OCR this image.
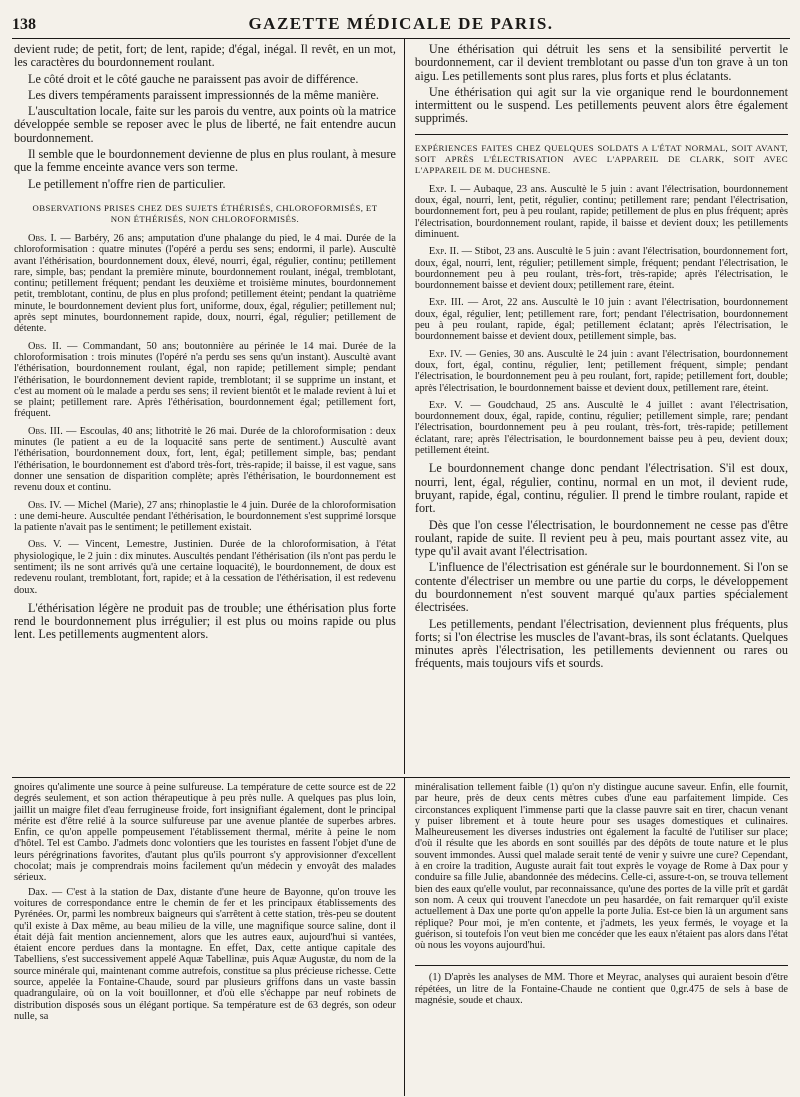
138	GAZETTE MÉDICALE DE PARIS.

devient rude; de petit, fort; de lent, rapide; d'égal, inégal. Il revêt, en un mot, les caractères du bourdonnement roulant.

Le côté droit et le côté gauche ne paraissent pas avoir de différence.

Les divers tempéraments paraissent impressionnés de la même manière.

L'auscultation locale, faite sur les parois du ventre, aux points où la matrice développée semble se reposer avec le plus de liberté, ne fait entendre aucun bourdonnement.

Il semble que le bourdonnement devienne de plus en plus roulant, à mesure que la femme enceinte avance vers son terme.

Le petillement n'offre rien de particulier.

OBSERVATIONS PRISES CHEZ DES SUJETS ÉTHÉRISÉS, CHLOROFORMISÉS, ET NON ÉTHÉRISÉS, NON CHLOROFORMISÉS.

Obs. I. — Barbéry, 26 ans; amputation d'une phalange du pied, le 4 mai. Durée de la chloroformisation : quatre minutes (l'opéré a perdu ses sens; endormi, il parle). Auscultè avant l'éthérisation, bourdonnement doux, élevé, nourri, égal, régulier, continu; petillement rare, simple, bas; pendant la première minute, bourdonnement roulant, inégal, tremblotant, continu; petillement fréquent; pendant les deuxième et troisième minutes, bourdonnement petit, tremblotant, continu, de plus en plus profond; petillement éteint; pendant la quatrième minute, le bourdonnement devient plus fort, uniforme, doux, égal, régulier; petillement nul; après sept minutes, bourdonnement rapide, doux, nourri, égal, régulier; petillement de détente.

Obs. II. — Commandant, 50 ans; boutonnière au périnée le 14 mai. Durée de la chloroformisation : trois minutes (l'opéré n'a perdu ses sens qu'un instant). Auscultè avant l'éthérisation, bourdonnement roulant, égal, non rapide; petillement simple; pendant l'éthérisation, le bourdonnement devient rapide, tremblotant; il se supprime un instant, et c'est au moment où le malade a perdu ses sens; il revient bientôt et le malade revient à lui et se plaint; petillement rare. Après l'éthérisation, bourdonnement égal; petillement fort, fréquent.

Obs. III. — Escoulas, 40 ans; lithotritè le 26 mai. Durée de la chloroformisation : deux minutes (le patient a eu de la loquacité sans perte de sentiment.) Auscultè avant l'éthérisation, bourdonnement doux, fort, lent, égal; petillement simple, bas; pendant l'éthérisation, le bourdonnement est d'abord très-fort, très-rapide; il baisse, il est vague, sans donner une sensation de disparition complète; après l'éthérisation, le bourdonnement est revenu doux et continu.

Obs. IV. — Michel (Marie), 27 ans; rhinoplastie le 4 juin. Durée de la chloroformisation : une demi-heure. Auscultée pendant l'éthérisation, le bourdonnement s'est supprimé lorsque la patiente n'avait pas le sentiment; le petillement existait.

Obs. V. — Vincent, Lemestre, Justinien. Durée de la chloroformisation, à l'état physiologique, le 2 juin : dix minutes. Auscultés pendant l'éthérisation (ils n'ont pas perdu le sentiment; ils ne sont arrivés qu'à une certaine loquacité), le bourdonnement, de doux est redevenu roulant, tremblotant, fort, rapide; et à la cessation de l'éthérisation, il est redevenu doux.

L'éthérisation légère ne produit pas de trouble; une éthérisation plus forte rend le bourdonnement plus irrégulier; il est plus ou moins rapide ou plus lent. Les petillements augmentent alors.

Une éthérisation qui détruit les sens et la sensibilité pervertit le bourdonnement, car il devient tremblotant ou passe d'un ton grave à un ton aigu. Les petillements sont plus rares, plus forts et plus éclatants.

Une éthérisation qui agit sur la vie organique rend le bourdonnement intermittent ou le suspend. Les petillements peuvent alors être également supprimés.

EXPÉRIENCES FAITES CHEZ QUELQUES SOLDATS A L'ÉTAT NORMAL, SOIT AVANT, SOIT APRÈS L'ÉLECTRISATION AVEC L'APPAREIL DE CLARK, SOIT AVEC L'APPAREIL DE M. DUCHESNE.

Exp. I. — Aubaque, 23 ans. Auscultè le 5 juin : avant l'électrisation, bourdonnement doux, égal, nourri, lent, petit, régulier, continu; petillement rare; pendant l'électrisation, bourdonnement fort, peu à peu roulant, rapide; petillement de plus en plus fréquent; après l'électrisation, bourdonnement roulant, rapide, il baisse et devient doux; les petillements diminuent.

Exp. II. — Stibot, 23 ans. Auscultè le 5 juin : avant l'électrisation, bourdonnement fort, doux, égal, nourri, lent, régulier; petillement simple, fréquent; pendant l'électrisation, le bourdonnement peu à peu roulant, très-fort, très-rapide; après l'électrisation, le bourdonnement baisse et devient doux; petillement rare, éteint.

Exp. III. — Arot, 22 ans. Auscultè le 10 juin : avant l'électrisation, bourdonnement doux, égal, régulier, lent; petillement rare, fort; pendant l'électrisation, bourdonnement peu à peu roulant, rapide, égal; petillement éclatant; après l'électrisation, le bourdonnement baisse et devient doux, petillement simple, bas.

Exp. IV. — Genies, 30 ans. Auscultè le 24 juin : avant l'électrisation, bourdonnement doux, fort, égal, continu, régulier, lent; petillement fréquent, simple; pendant l'électrisation, le bourdonnement peu à peu roulant, fort, rapide; petillement fort, double; après l'électrisation, le bourdonnement baisse et devient doux, petillement rare, éteint.

Exp. V. — Goudchaud, 25 ans. Auscultè le 4 juillet : avant l'électrisation, bourdonnement doux, égal, rapide, continu, régulier; petillement simple, rare; pendant l'électrisation, bourdonnement peu à peu roulant, très-fort, très-rapide; petillement éclatant, rare; après l'électrisation, le bourdonnement baisse peu à peu, devient doux; petillement éteint.

Le bourdonnement change donc pendant l'électrisation. S'il est doux, nourri, lent, égal, régulier, continu, normal en un mot, il devient rude, bruyant, rapide, égal, continu, régulier. Il prend le timbre roulant, rapide et fort.

Dès que l'on cesse l'électrisation, le bourdonnement ne cesse pas d'être roulant, rapide de suite. Il revient peu à peu, mais pourtant assez vite, au type qu'il avait avant l'électrisation.

L'influence de l'électrisation est générale sur le bourdonnement. Si l'on se contente d'électriser un membre ou une partie du corps, le développement du bourdonnement n'est souvent marqué qu'aux parties spécialement électrisées.

Les petillements, pendant l'électrisation, deviennent plus fréquents, plus forts; si l'on électrise les muscles de l'avant-bras, ils sont éclatants. Quelques minutes après l'électrisation, les petillements deviennent ou rares ou fréquents, mais toujours vifs et sourds.

gnoires qu'alimente une source à peine sulfureuse. La température de cette source est de 22 degrés seulement, et son action thérapeutique à peu près nulle. A quelques pas plus loin, jaillit un maigre filet d'eau ferrugineuse froide, fort insignifiant également, dont le principal mérite est d'être relié à la source sulfureuse par une avenue plantée de superbes arbres. Enfin, ce qu'on appelle pompeusement l'établissement thermal, mérite à peine le nom d'hôtel. Tel est Cambo. J'admets donc volontiers que les touristes en fassent l'objet d'une de leurs pérégrinations favorites, d'autant plus qu'ils pourront s'y approvisionner d'excellent chocolat; mais je comprendrais moins facilement qu'un médecin y envoyât des malades sérieux.

Dax. — C'est à la station de Dax, distante d'une heure de Bayonne, qu'on trouve les voitures de correspondance entre le chemin de fer et les principaux établissements des Pyrénées. Or, parmi les nombreux baigneurs qui s'arrêtent à cette station, très-peu se doutent qu'il existe à Dax même, au beau milieu de la ville, une magnifique source saline, dont il était déjà fait mention anciennement, alors que les autres eaux, aujourd'hui si vantées, étaient encore perdues dans la montagne. En effet, Dax, cette antique capitale des Tabelliens, s'est successivement appelé Aquæ Tabellinæ, puis Aquæ Augustæ, du nom de la source minérale qui, maintenant comme autrefois, constitue sa plus précieuse richesse. Cette source, appelée la Fontaine-Chaude, sourd par plusieurs griffons dans un vaste bassin quadrangulaire, où on la voit bouillonner, et d'où elle s'échappe par neuf robinets de distribution disposés sous un élégant portique. Sa température est de 63 degrés, son odeur nulle, sa

minéralisation tellement faible (1) qu'on n'y distingue aucune saveur. Enfin, elle fournit, par heure, près de deux cents mètres cubes d'une eau parfaitement limpide. Ces circonstances expliquent l'immense parti que la classe pauvre sait en tirer, chacun venant y puiser librement et à toute heure pour ses usages domestiques et culinaires. Malheureusement les diverses industries ont également la faculté de l'utiliser sur place; d'où il résulte que les abords en sont souillés par des dépôts de toute nature et le plus souvent immondes. Aussi quel malade serait tenté de venir y suivre une cure? Cependant, à en croire la tradition, Auguste aurait fait tout exprès le voyage de Rome à Dax pour y conduire sa fille Julie, abandonnée des médecins. Celle-ci, assure-t-on, se trouva tellement bien des eaux qu'elle voulut, par reconnaissance, qu'une des portes de la ville prît et gardât son nom. A ceux qui trouvent l'anecdote un peu hasardée, on fait remarquer qu'il existe actuellement à Dax une porte qu'on appelle la porte Julia. Est-ce bien là un argument sans réplique? Pour moi, je m'en contente, et j'admets, les yeux fermés, le voyage et la guérison, si toutefois l'on veut bien me concéder que les eaux n'étaient pas alors dans l'état où nous les voyons aujourd'hui.

(1) D'après les analyses de MM. Thore et Meyrac, analyses qui auraient besoin d'être répétées, un litre de la Fontaine-Chaude ne contient que 0,gr.475 de sels à base de magnésie, soude et chaux.
